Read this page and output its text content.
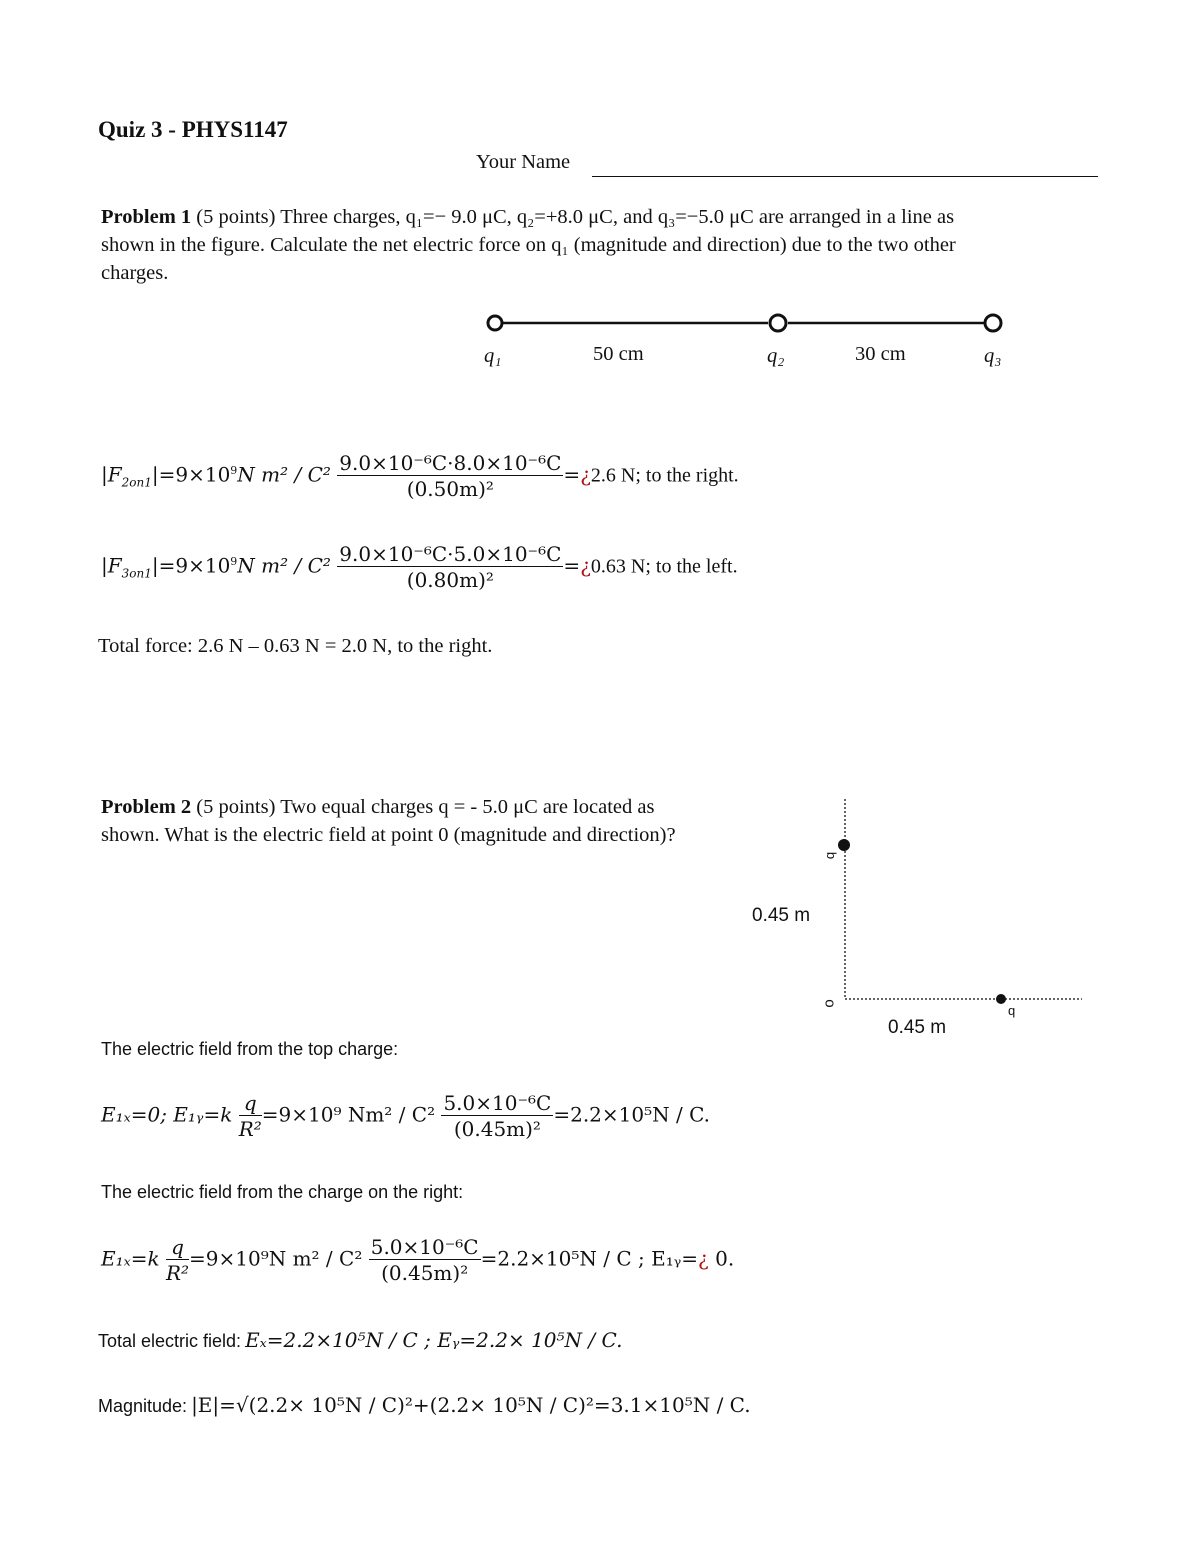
Quiz 3 - PHYS1147
Your Name
Problem 1 (5 points) Three charges, q₁=− 9.0 μC, q₂=+8.0 μC, and q₃=−5.0 μC are arranged in a line as
shown in the figure. Calculate the net electric force on q₁ (magnitude and direction) due to the two other
charges.
q₁	50 cm	q₂	30 cm	q₃
$|F_{2on1}|=9\times 10^9N$ $m^2 / C^2 \frac{\text{9.0×10⁻⁶C·8.0×10⁻⁶C}}{\text{(0.50m)²}}$ =¿2.6 N; to the right.
$|F_{3on1}|=9\times 10^9N$ $m^2 / C^2 \frac{\text{9.0×10⁻⁶C·5.0×10⁻⁶C}}{\text{(0.80m)²}}$ =¿0.63 N; to the left.
Total force: 2.6 N – 0.63 N = 2.0 N, to the right.
Problem 2 (5 points) Two equal charges q = - 5.0 μC are located as
shown. What is the electric field at point 0 (magnitude and direction)?
q
q
o
0.45 m
0.45 m
The electric field from the top charge:
E₁ₓ=0; E₁ᵧ=k $\frac{q}{\text{R²}} =9\times 10^9$ $Nm^2 / C^2 \frac{\text{5.0×10⁻⁶C}}{\text{(0.45m)²}} =2.2\times 10^5N / C$.
The electric field from the charge on the right:
$E_{1x}=k \frac{q}{\text{R²}} =9\times 10^9N$ $m^2 / C^2 \frac{\text{5.0×10⁻⁶C}}{\text{(0.45m)²}} =2.2\times 10^5N / C$ ; E₁ᵧ=¿ 0.
Total electric field: Eₓ=2.2×10⁵N / C ; Eᵧ=2.2× 10⁵N / C.
Magnitude: |E|=√(2.2× 10⁵N / C)²+(2.2× 10⁵N / C)²=3.1×10⁵N / C.
